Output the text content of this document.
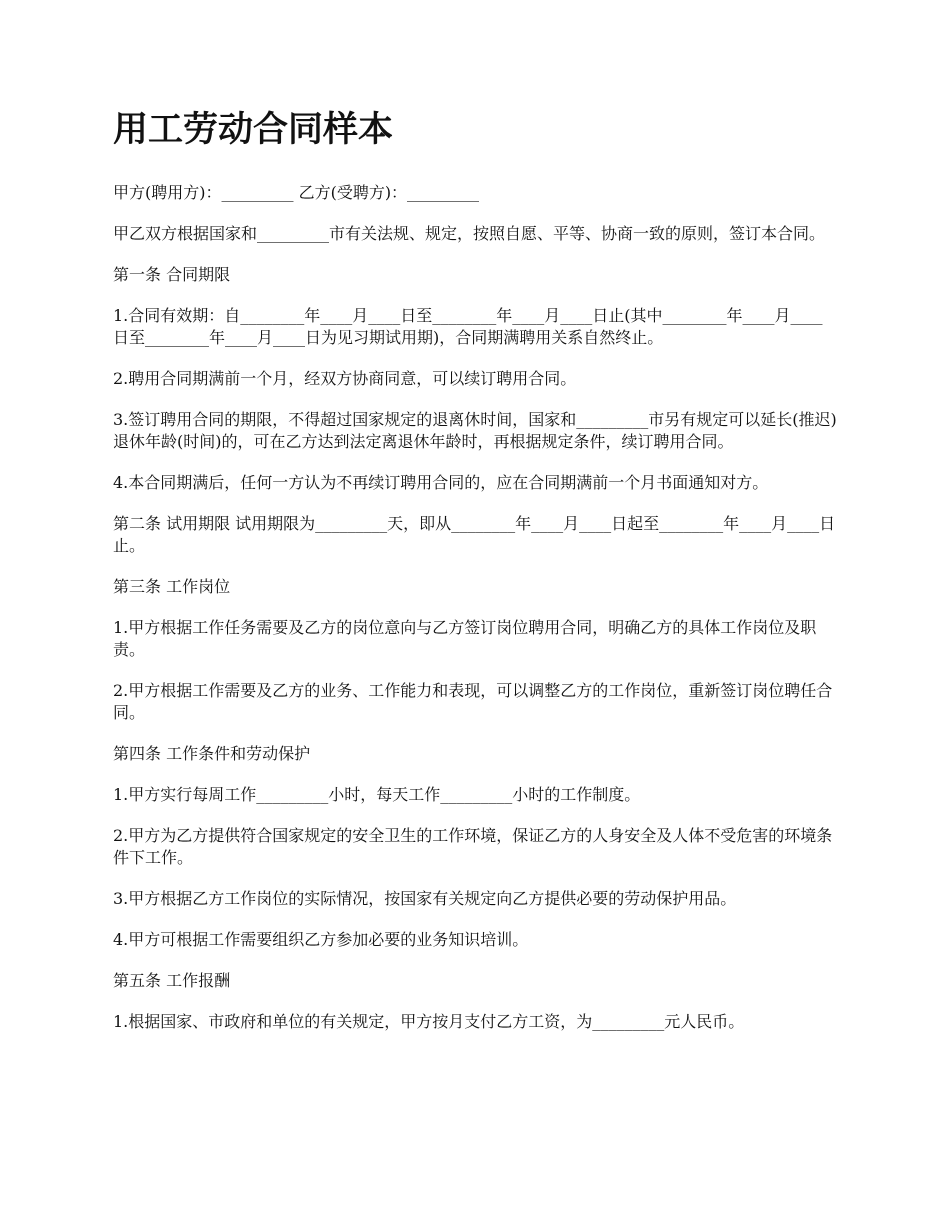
用工劳动合同样本

甲方(聘用方)：_________ 乙方(受聘方)：_________

甲乙双方根据国家和_________市有关法规、规定，按照自愿、平等、协商一致的原则，签订本合同。

第一条 合同期限

1.合同有效期：自________年____月____日至________年____月____日止(其中________年____月____日至________年____月____日为见习期试用期)，合同期满聘用关系自然终止。

2.聘用合同期满前一个月，经双方协商同意，可以续订聘用合同。

3.签订聘用合同的期限，不得超过国家规定的退离休时间，国家和_________市另有规定可以延长(推迟)退休年龄(时间)的，可在乙方达到法定离退休年龄时，再根据规定条件，续订聘用合同。

4.本合同期满后，任何一方认为不再续订聘用合同的，应在合同期满前一个月书面通知对方。

第二条 试用期限 试用期限为_________天，即从________年____月____日起至________年____月____日止。

第三条 工作岗位

1.甲方根据工作任务需要及乙方的岗位意向与乙方签订岗位聘用合同，明确乙方的具体工作岗位及职责。

2.甲方根据工作需要及乙方的业务、工作能力和表现，可以调整乙方的工作岗位，重新签订岗位聘任合同。

第四条 工作条件和劳动保护

1.甲方实行每周工作_________小时，每天工作_________小时的工作制度。

2.甲方为乙方提供符合国家规定的安全卫生的工作环境，保证乙方的人身安全及人体不受危害的环境条件下工作。

3.甲方根据乙方工作岗位的实际情况，按国家有关规定向乙方提供必要的劳动保护用品。

4.甲方可根据工作需要组织乙方参加必要的业务知识培训。

第五条 工作报酬

1.根据国家、市政府和单位的有关规定，甲方按月支付乙方工资，为_________元人民币。
